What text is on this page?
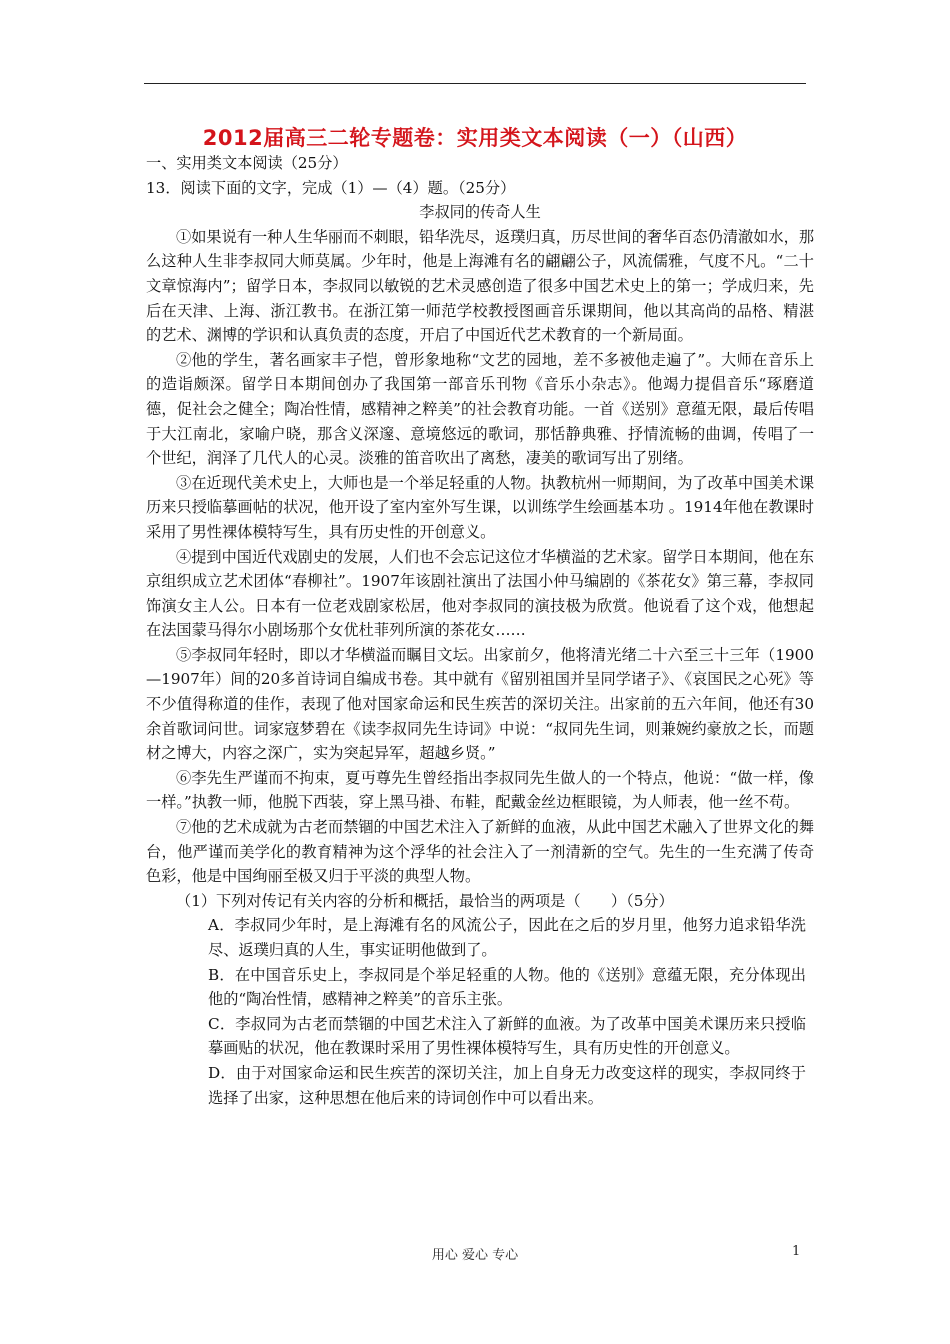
2012届高三二轮专题卷：实用类文本阅读（一）（山西）

一、实用类文本阅读（25分）

13．阅读下面的文字，完成（1）—（4）题。（25分）

李叔同的传奇人生

①如果说有一种人生华丽而不刺眼，铅华洗尽，返璞归真，历尽世间的奢华百态仍清澈如水，那么这种人生非李叔同大师莫属。少年时，他是上海滩有名的翩翩公子，风流儒雅，气度不凡。“二十文章惊海内”；留学日本，李叔同以敏锐的艺术灵感创造了很多中国艺术史上的第一；学成归来，先后在天津、上海、浙江教书。在浙江第一师范学校教授图画音乐课期间，他以其高尚的品格、精湛的艺术、渊博的学识和认真负责的态度，开启了中国近代艺术教育的一个新局面。

②他的学生，著名画家丰子恺，曾形象地称“文艺的园地，差不多被他走遍了”。大师在音乐上的造诣颇深。留学日本期间创办了我国第一部音乐刊物《音乐小杂志》。他竭力提倡音乐“琢磨道德，促社会之健全；陶冶性情，感精神之粹美”的社会教育功能。一首《送别》意蕴无限，最后传唱于大江南北，家喻户晓，那含义深邃、意境悠远的歌词，那恬静典雅、抒情流畅的曲调，传唱了一个世纪，润泽了几代人的心灵。淡雅的笛音吹出了离愁，凄美的歌词写出了别绪。

③在近现代美术史上，大师也是一个举足轻重的人物。执教杭州一师期间，为了改革中国美术课历来只授临摹画帖的状况，他开设了室内室外写生课，以训练学生绘画基本功 。1914年他在教课时采用了男性裸体模特写生，具有历史性的开创意义。

④提到中国近代戏剧史的发展，人们也不会忘记这位才华横溢的艺术家。留学日本期间，他在东京组织成立艺术团体“春柳社”。1907年该剧社演出了法国小仲马编剧的《茶花女》第三幕，李叔同饰演女主人公。日本有一位老戏剧家松居，他对李叔同的演技极为欣赏。他说看了这个戏，他想起在法国蒙马得尔小剧场那个女优杜菲列所演的茶花女……

⑤李叔同年轻时，即以才华横溢而瞩目文坛。出家前夕，他将清光绪二十六至三十三年（1900—1907年）间的20多首诗词自编成书卷。其中就有《留别祖国并呈同学诸子》、《哀国民之心死》等不少值得称道的佳作，表现了他对国家命运和民生疾苦的深切关注。出家前的五六年间，他还有30余首歌词问世。词家寇梦碧在《读李叔同先生诗词》中说：“叔同先生词，则兼婉约豪放之长，而题材之博大，内容之深广，实为突起异军，超越乡贤。”

⑥李先生严谨而不拘束，夏丏尊先生曾经指出李叔同先生做人的一个特点，他说：“做一样，像一样。”执教一师，他脱下西装，穿上黑马褂、布鞋，配戴金丝边框眼镜，为人师表，他一丝不苟。

⑦他的艺术成就为古老而禁锢的中国艺术注入了新鲜的血液，从此中国艺术融入了世界文化的舞台，他严谨而美学化的教育精神为这个浮华的社会注入了一剂清新的空气。先生的一生充满了传奇色彩，他是中国绚丽至极又归于平淡的典型人物。

（1）下列对传记有关内容的分析和概括，最恰当的两项是（　　）（5分）

A．李叔同少年时，是上海滩有名的风流公子，因此在之后的岁月里，他努力追求铅华洗尽、返璞归真的人生，事实证明他做到了。

B．在中国音乐史上，李叔同是个举足轻重的人物。他的《送别》意蕴无限，充分体现出他的“陶冶性情，感精神之粹美”的音乐主张。

C．李叔同为古老而禁锢的中国艺术注入了新鲜的血液。为了改革中国美术课历来只授临摹画贴的状况，他在教课时采用了男性裸体模特写生，具有历史性的开创意义。

D．由于对国家命运和民生疾苦的深切关注，加上自身无力改变这样的现实，李叔同终于选择了出家，这种思想在他后来的诗词创作中可以看出来。

用心 爱心 专心	1
